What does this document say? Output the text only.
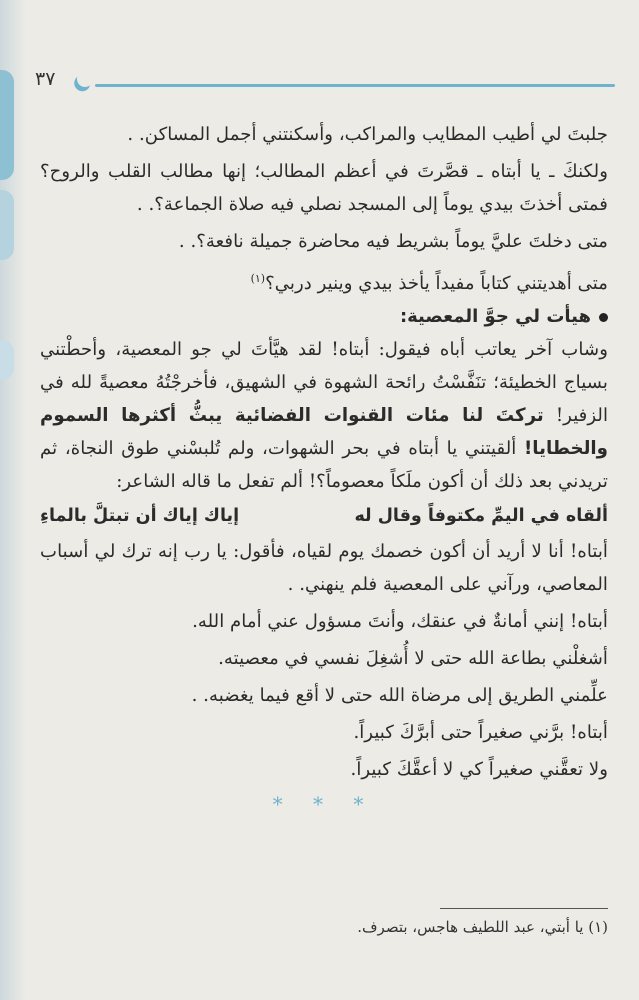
٣٧

جلبتَ لي أطيب المطايب والمراكب، وأسكنتني أجمل المساكن. .

ولكنكَ ـ يا أبتاه ـ قصَّرتَ في أعظم المطالب؛ إنها مطالب القلب والروح؟ فمتى أخذتَ بيدي يوماً إلى المسجد نصلي فيه صلاة الجماعة؟. .

متى دخلتَ عليَّ يوماً بشريط فيه محاضرة جميلة نافعة؟. .

متى أهديتني كتاباً مفيداً يأخذ بيدي وينير دربي؟$^{(١)}$

هيأت لي جوَّ المعصية:

وشاب آخر يعاتب أباه فيقول: أبتاه! لقد هيَّأتَ لي جو المعصية، وأحطْتني بسياج الخطيئة؛ تنَفَّسْتُ رائحة الشهوة في الشهيق، فأخرجْتُهُ معصيةً لله في الزفير! تركتَ لنا مئات القنوات الفضائية يبثُّ أكثرها السموم والخطايا! ألقيتني يا أبتاه في بحر الشهوات، ولم تُلبسْني طوق النجاة، ثم تريدني بعد ذلك أن أكون ملَكاً معصوماً؟! ألم تفعل ما قاله الشاعر:

ألقاه في اليمِّ مكتوفاً وقال له
إياك إياك أن تبتلَّ بالماءِ

أبتاه! أنا لا أريد أن أكون خصمك يوم لقياه، فأقول: يا رب إنه ترك لي أسباب المعاصي، ورآني على المعصية فلم ينهني. .

أبتاه! إنني أمانةٌ في عنقك، وأنتَ مسؤول عني أمام الله.

أشغلْني بطاعة الله حتى لا أُشغِلَ نفسي في معصيته.

علِّمني الطريق إلى مرضاة الله حتى لا أقع فيما يغضبه. .

أبتاه! برَّني صغيراً حتى أبرَّكَ كبيراً.

ولا تعقَّني صغيراً كي لا أعقَّكَ كبيراً.

* * *
(١) يا أبتي، عبد اللطيف هاجس، بتصرف.
